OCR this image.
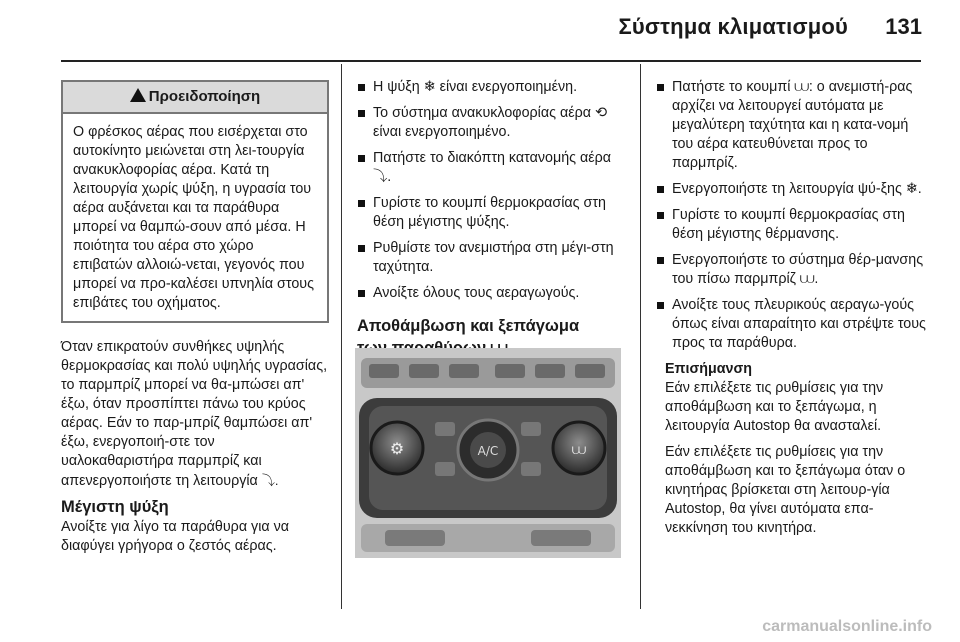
Σύστημα κλιματισμού 131
Προειδοποίηση
Ο φρέσκος αέρας που εισέρχεται στο αυτοκίνητο μειώνεται στη λει-τουργία ανακυκλοφορίας αέρα. Κατά τη λειτουργία χωρίς ψύξη, η υγρασία του αέρα αυξάνεται και τα παράθυρα μπορεί να θαμπώ-σουν από μέσα. Η ποιότητα του αέρα στο χώρο επιβατών αλλοιώ-νεται, γεγονός που μπορεί να προ-καλέσει υπνηλία στους επιβάτες του οχήματος.
Όταν επικρατούν συνθήκες υψηλής θερμοκρασίας και πολύ υψηλής υγρασίας, το παρμπρίζ μπορεί να θα-μπώσει απ' έξω, όταν προσπίπτει πάνω του κρύος αέρας. Εάν το παρ-μπρίζ θαμπώσει απ' έξω, ενεργοποιή-στε τον υαλοκαθαριστήρα παρμπρίζ και απενεργοποιήστε τη λειτουργία ⤵.
Μέγιστη ψύξη
Ανοίξτε για λίγο τα παράθυρα για να διαφύγει γρήγορα ο ζεστός αέρας.
Η ψύξη ❄ είναι ενεργοποιημένη.
Το σύστημα ανακυκλοφορίας αέρα ⟲ είναι ενεργοποιημένο.
Πατήστε το διακόπτη κατανομής αέρα ⤵.
Γυρίστε το κουμπί θερμοκρασίας στη θέση μέγιστης ψύξης.
Ρυθμίστε τον ανεμιστήρα στη μέγι-στη ταχύτητα.
Ανοίξτε όλους τους αεραγωγούς.
Αποθάμβωση και ξεπάγωμα
⚙	⩊
A/C
Πατήστε το κουμπί ⩊: ο ανεμιστή-ρας αρχίζει να λειτουργεί αυτόματα με μεγαλύτερη ταχύτητα και η κατα-νομή του αέρα κατευθύνεται προς το παρμπρίζ.
Ενεργοποιήστε τη λειτουργία ψύ-ξης ❄.
Γυρίστε το κουμπί θερμοκρασίας στη θέση μέγιστης θέρμανσης.
Ενεργοποιήστε το σύστημα θέρ-μανσης του πίσω παρμπρίζ ⩊.
Ανοίξτε τους πλευρικούς αεραγω-γούς όπως είναι απαραίτητο και στρέψτε τους προς τα παράθυρα.
Επισήμανση
Εάν επιλέξετε τις ρυθμίσεις για την αποθάμβωση και το ξεπάγωμα, η λειτουργία Autostop θα ανασταλεί.
Εάν επιλέξετε τις ρυθμίσεις για την αποθάμβωση και το ξεπάγωμα όταν ο κινητήρας βρίσκεται στη λειτουρ-γία Autostop, θα γίνει αυτόματα επα-νεκκίνηση του κινητήρα.
carmanualsonline.info
